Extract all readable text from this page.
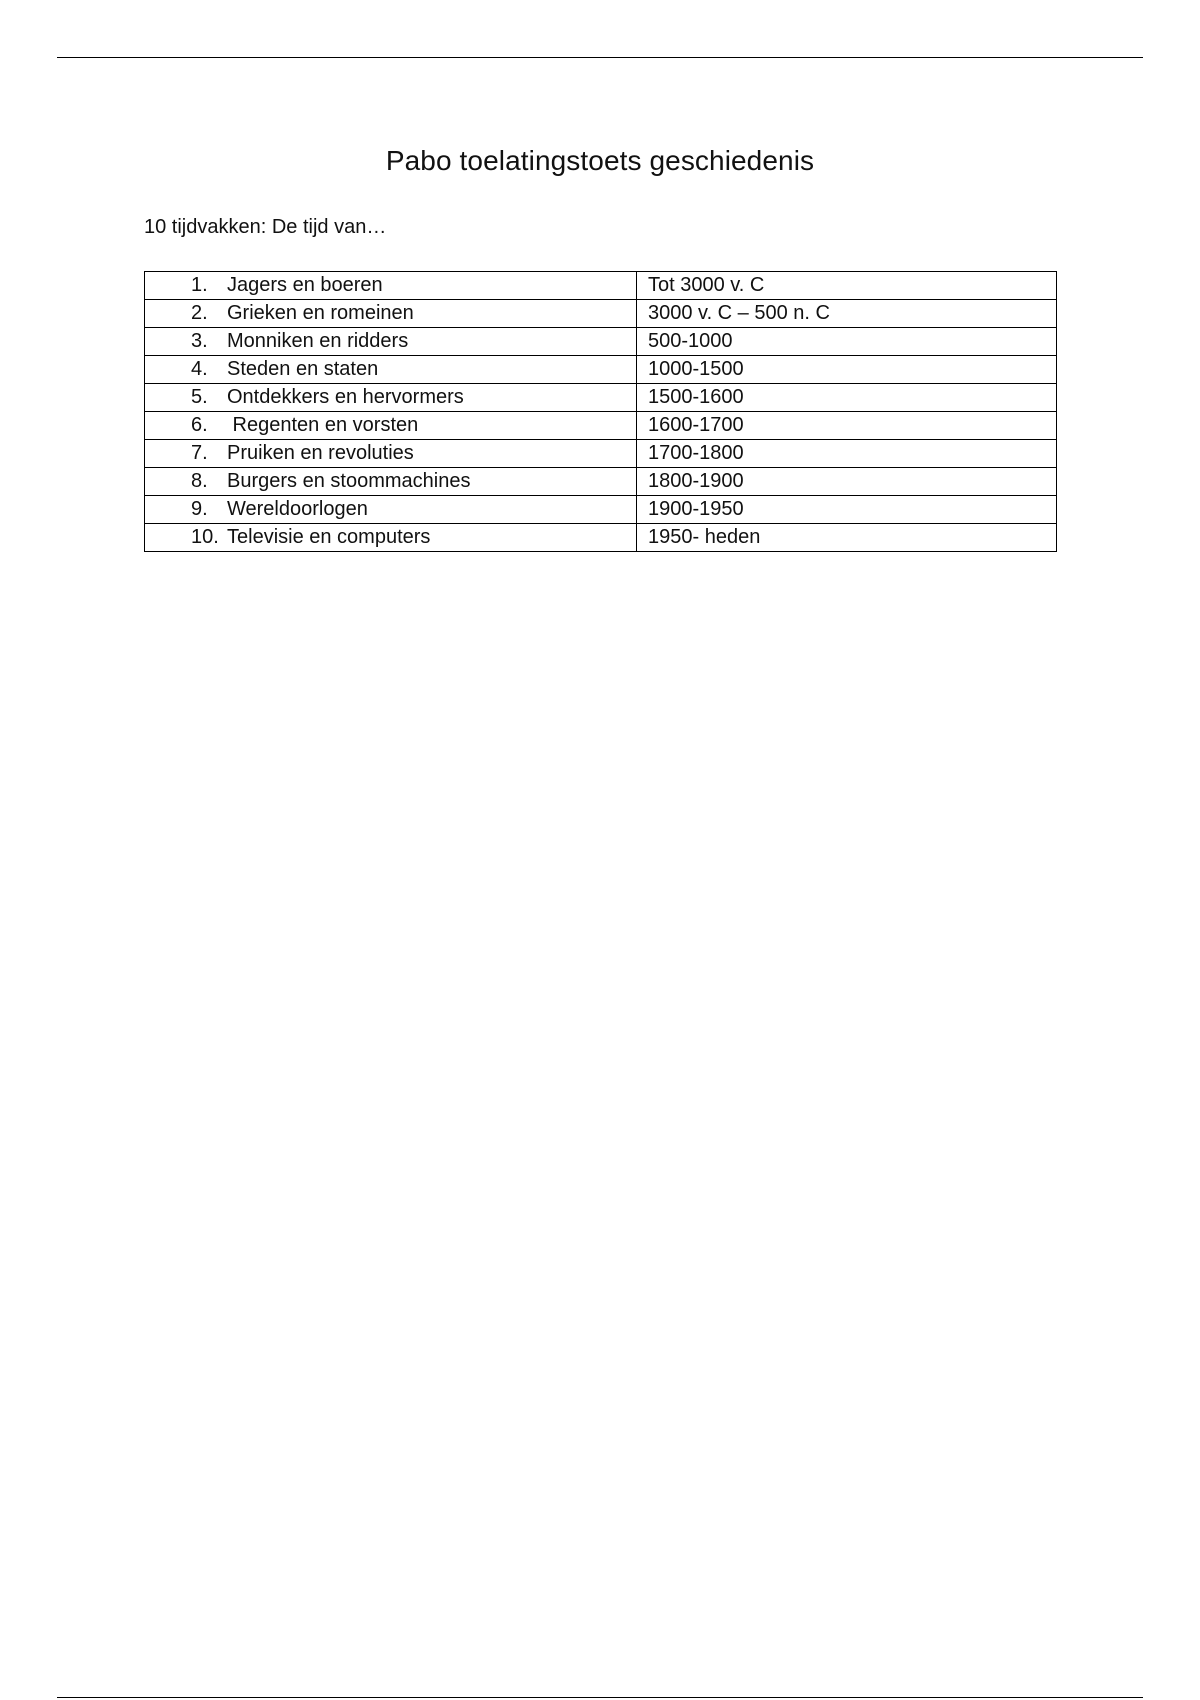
Pabo toelatingstoets geschiedenis
10 tijdvakken: De tijd van…
1. Jagers en boeren	Tot 3000 v. C
2. Grieken en romeinen	3000 v. C – 500 n. C
3. Monniken en ridders	500-1000
4. Steden en staten	1000-1500
5. Ontdekkers en hervormers	1500-1600
6. Regenten en vorsten	1600-1700
7. Pruiken en revoluties	1700-1800
8. Burgers en stoommachines	1800-1900
9. Wereldoorlogen	1900-1950
10. Televisie en computers	1950- heden
